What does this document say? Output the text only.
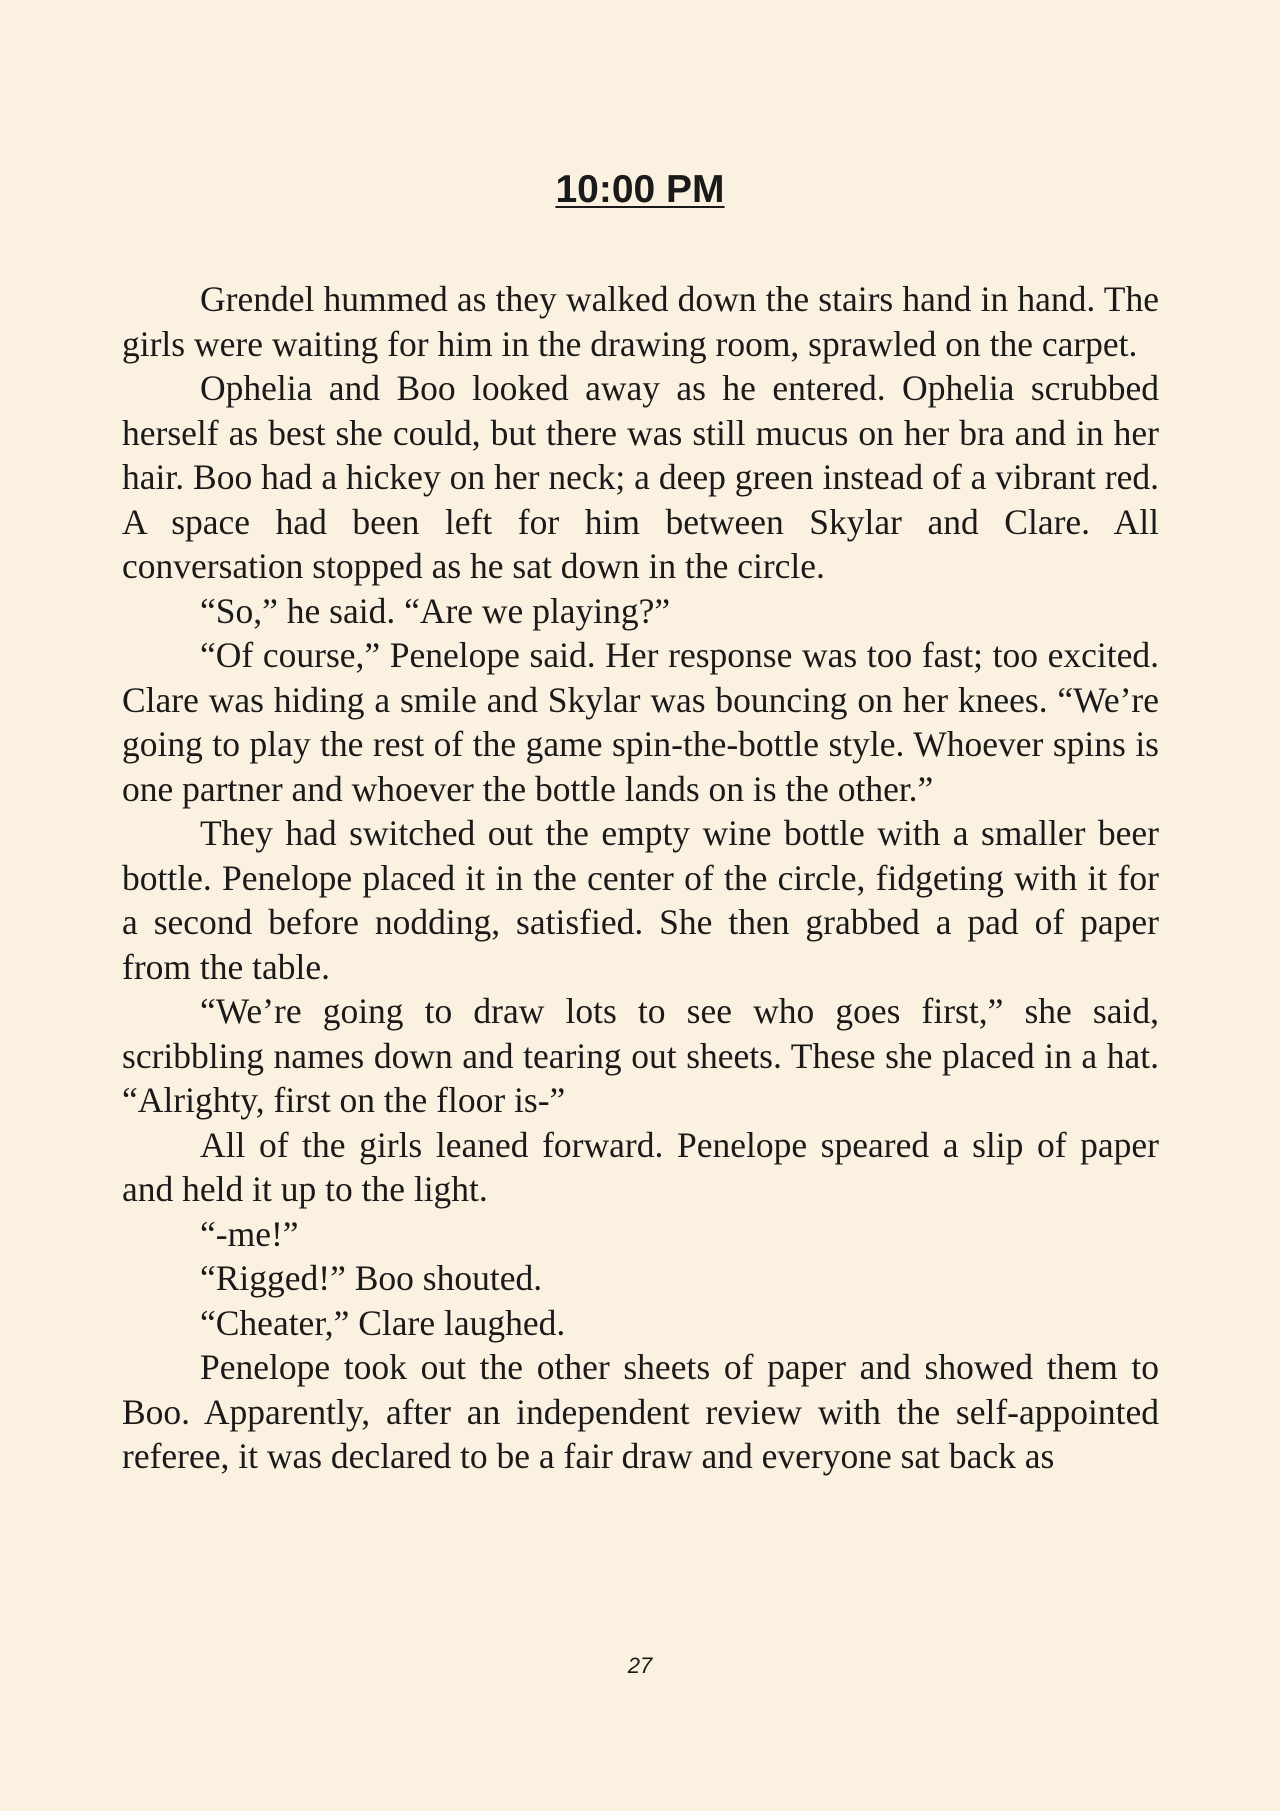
10:00 PM

Grendel hummed as they walked down the stairs hand in hand. The girls were waiting for him in the drawing room, sprawled on the carpet.

Ophelia and Boo looked away as he entered. Ophelia scrubbed herself as best she could, but there was still mucus on her bra and in her hair. Boo had a hickey on her neck; a deep green instead of a vibrant red. A space had been left for him between Skylar and Clare. All conversation stopped as he sat down in the circle.

“So,” he said. “Are we playing?”

“Of course,” Penelope said. Her response was too fast; too excited. Clare was hiding a smile and Skylar was bouncing on her knees. “We’re going to play the rest of the game spin-the-bottle style. Whoever spins is one partner and whoever the bottle lands on is the other.”

They had switched out the empty wine bottle with a smaller beer bottle. Penelope placed it in the center of the circle, fidgeting with it for a second before nodding, satisfied. She then grabbed a pad of paper from the table.

“We’re going to draw lots to see who goes first,” she said, scribbling names down and tearing out sheets. These she placed in a hat. “Alrighty, first on the floor is-”

All of the girls leaned forward. Penelope speared a slip of paper and held it up to the light.

“-me!”

“Rigged!” Boo shouted.

“Cheater,” Clare laughed.

Penelope took out the other sheets of paper and showed them to Boo. Apparently, after an independent review with the self-appointed referee, it was declared to be a fair draw and everyone sat back as

27
